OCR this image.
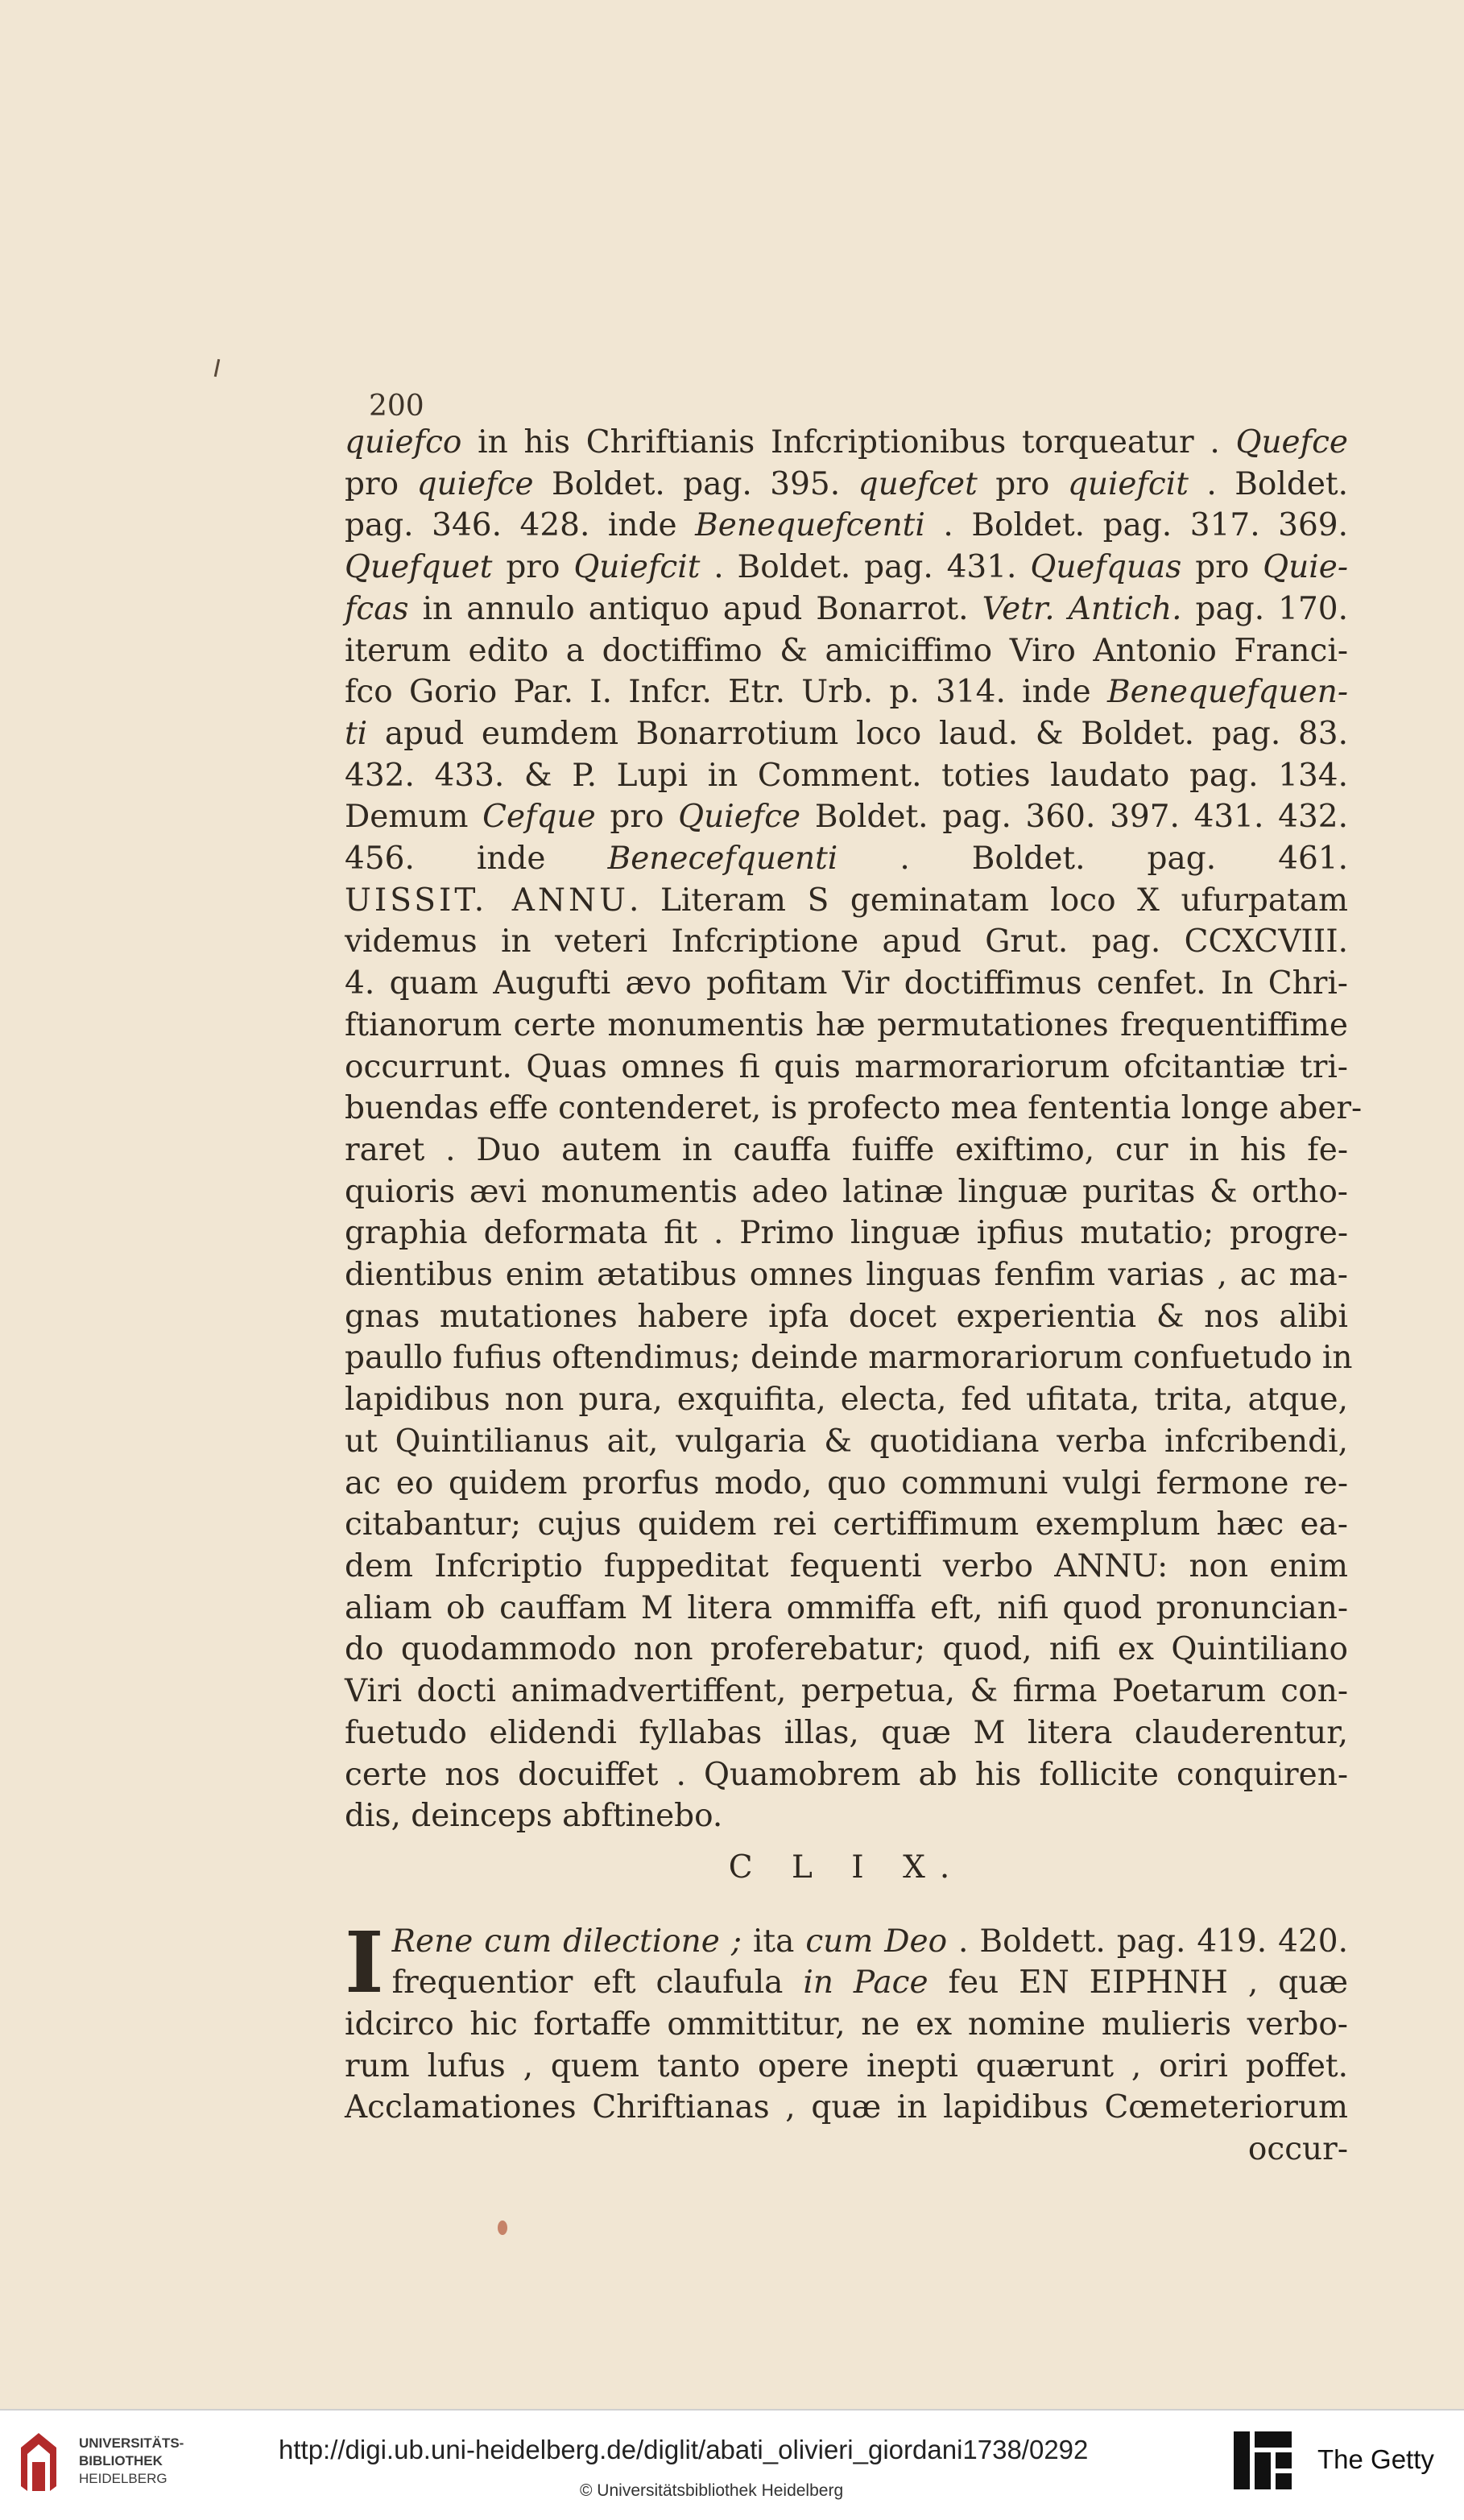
200
quiefco in his Chriftianis Infcriptionibus torqueatur . Quefce
pro quiefce Boldet. pag. 395. quefcet pro quiefcit . Boldet.
pag. 346. 428. inde Benequefcenti . Boldet. pag. 317. 369.
Quefquet pro Quiefcit . Boldet. pag. 431. Quefquas pro Quie-
fcas in annulo antiquo apud Bonarrot. Vetr. Antich. pag. 170.
iterum edito a doctiffimo & amiciffimo Viro Antonio Franci-
fco Gorio Par. I. Infcr. Etr. Urb. p. 314. inde Benequefquen-
ti apud eumdem Bonarrotium loco laud. & Boldet. pag. 83.
432. 433. & P. Lupi in Comment. toties laudato pag. 134.
Demum Cefque pro Quiefce Boldet. pag. 360. 397. 431. 432.
456. inde Benecefquenti . Boldet. pag. 461.
UISSIT. ANNU. Literam S geminatam loco X ufurpatam
videmus in veteri Infcriptione apud Grut. pag. CCXCVIII.
4. quam Augufti ævo pofitam Vir doctiffimus cenfet. In Chri-
ftianorum certe monumentis hæ permutationes frequentiffime
occurrunt. Quas omnes fi quis marmorariorum ofcitantiæ tri-
buendas effe contenderet, is profecto mea fententia longe aber-
raret . Duo autem in cauffa fuiffe exiftimo, cur in his fe-
quioris ævi monumentis adeo latinæ linguæ puritas & ortho-
graphia deformata fit . Primo linguæ ipfius mutatio; progre-
dientibus enim ætatibus omnes linguas fenfim varias , ac ma-
gnas mutationes habere ipfa docet experientia & nos alibi
paullo fufius oftendimus; deinde marmorariorum confuetudo in
lapidibus non pura, exquifita, electa, fed ufitata, trita, atque,
ut Quintilianus ait, vulgaria & quotidiana verba infcribendi,
ac eo quidem prorfus modo, quo communi vulgi fermone re-
citabantur; cujus quidem rei certiffimum exemplum hæc ea-
dem Infcriptio fuppeditat fequenti verbo ANNU: non enim
aliam ob cauffam M litera ommiffa eft, nifi quod pronuncian-
do quodammodo non proferebatur; quod, nifi ex Quintiliano
Viri docti animadvertiffent, perpetua, & firma Poetarum con-
fuetudo elidendi fyllabas illas, quæ M litera clauderentur,
certe nos docuiffet . Quamobrem ab his follicite conquiren-
dis, deinceps abftinebo.
C L I X.
I Rene cum dilectione ; ita cum Deo . Boldett. pag. 419. 420.
frequentior eft claufula in Pace feu EN EIPHNH , quæ
idcirco hic fortaffe ommittitur, ne ex nomine mulieris verbo-
rum lufus , quem tanto opere inepti quærunt , oriri poffet.
Acclamationes Chriftianas , quæ in lapidibus Cœmeteriorum
occur-
UNIVERSITÄTS-
BIBLIOTHEK
HEIDELBERG
http://digi.ub.uni-heidelberg.de/diglit/abati_olivieri_giordani1738/0292
© Universitätsbibliothek Heidelberg
The Getty
